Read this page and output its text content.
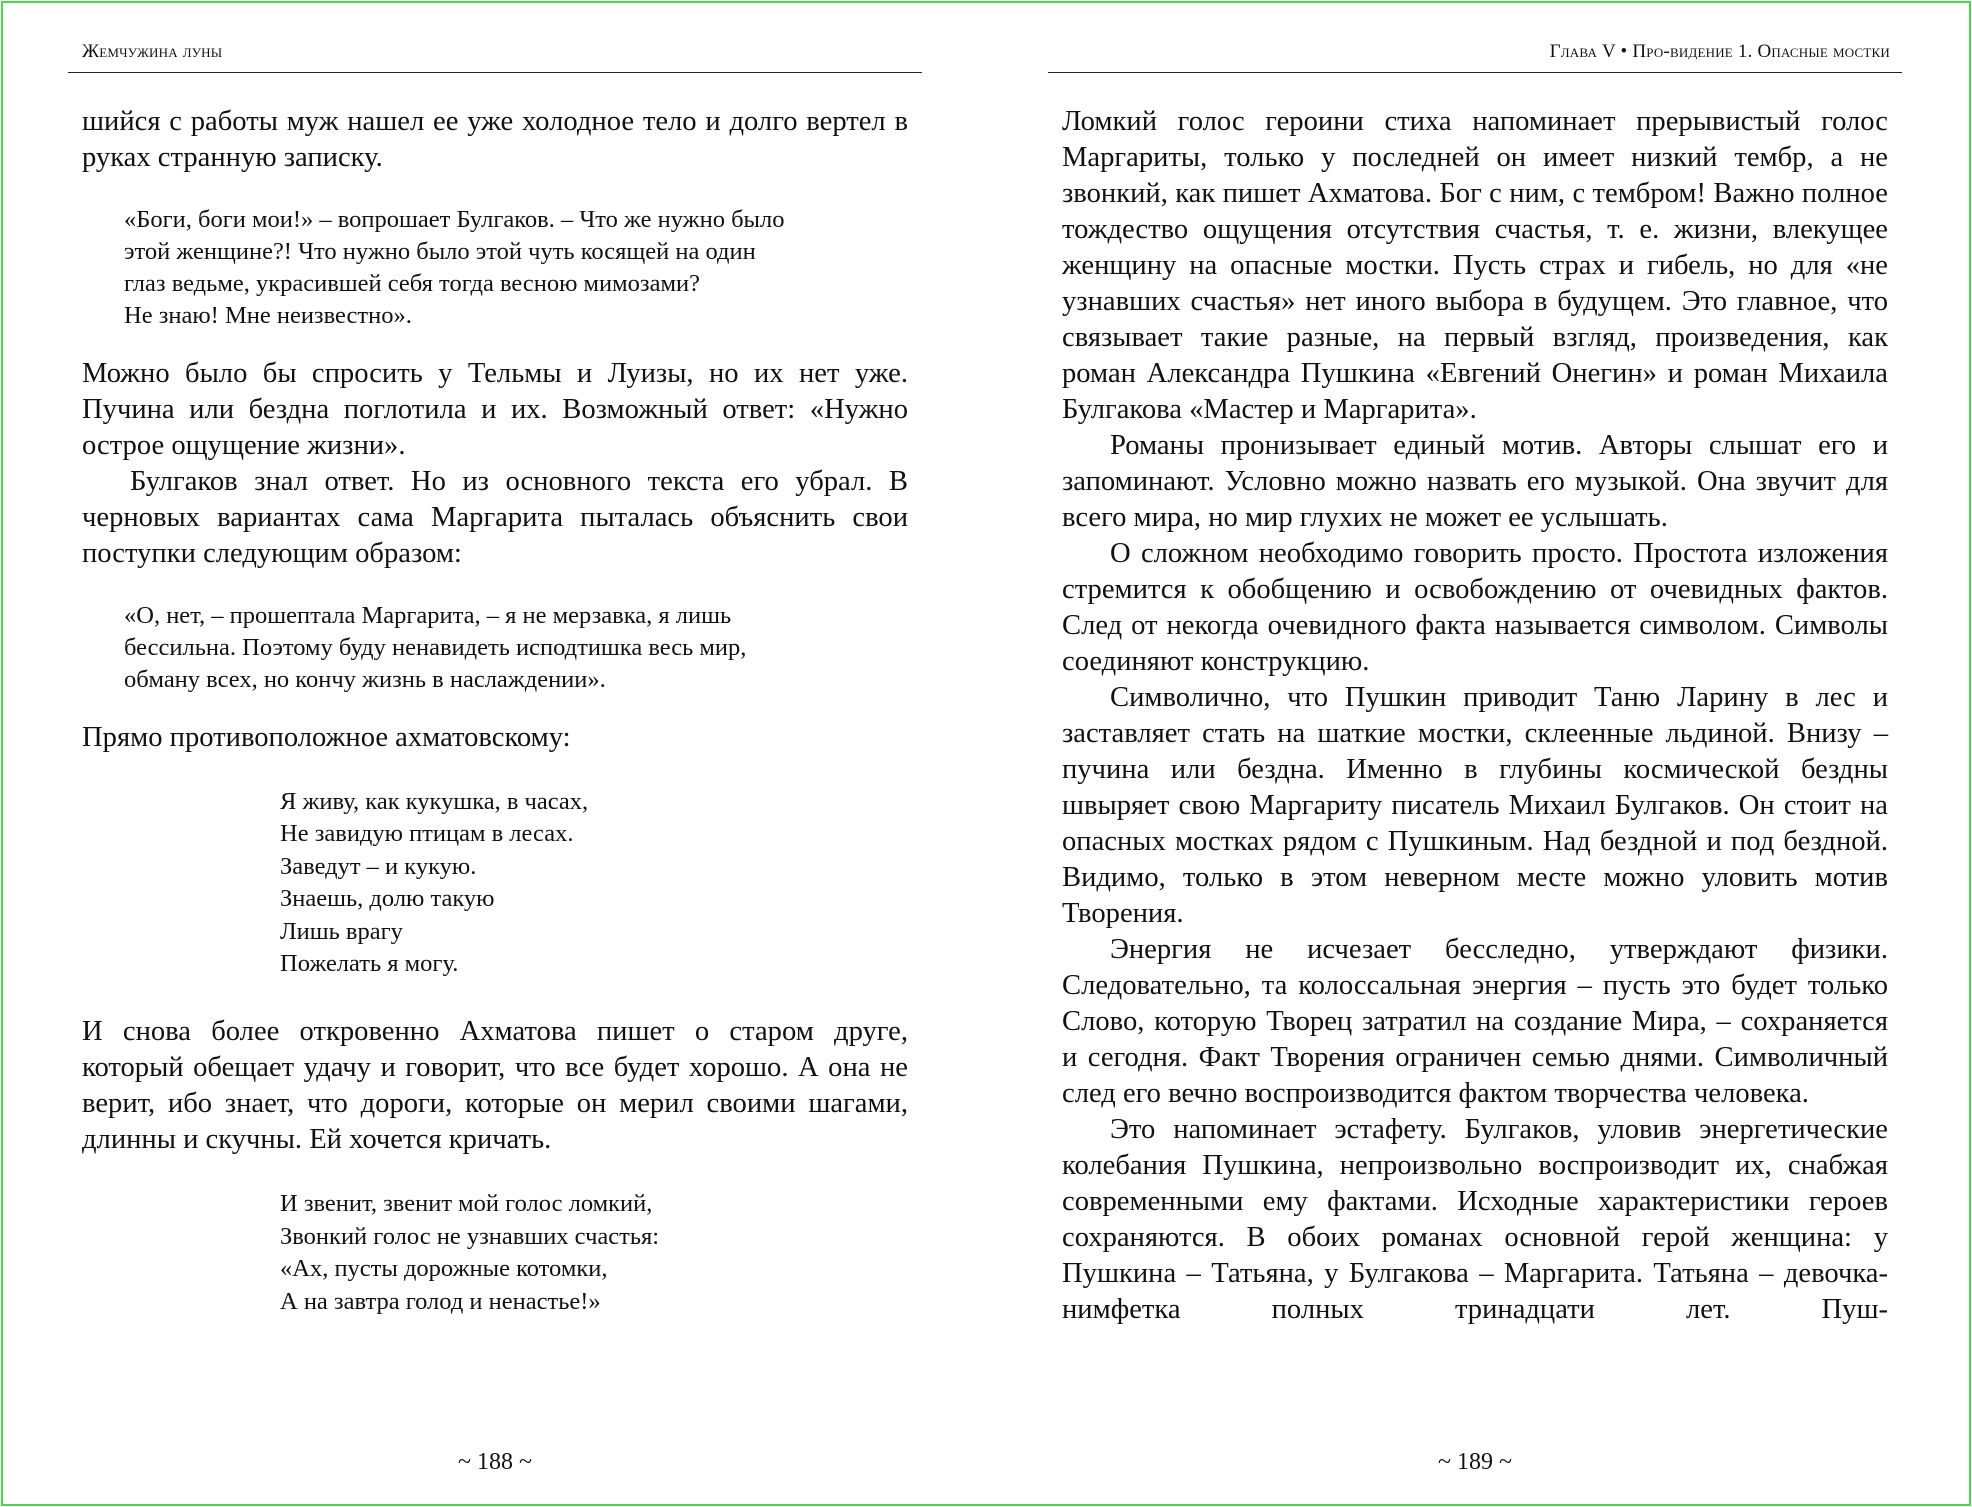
Жемчужина луны

шийся с работы муж нашел ее уже холодное тело и долго вертел в руках странную записку.

«Боги, боги мои!» – вопрошает Булгаков. – Что же нужно было

этой женщине?! Что нужно было этой чуть косящей на один

глаз ведьме, украсившей себя тогда весною мимозами?

Не знаю! Мне неизвестно».

Можно было бы спросить у Тельмы и Луизы, но их нет уже. Пучина или бездна поглотила и их. Возможный ответ: «Нужно острое ощущение жизни».

Булгаков знал ответ. Но из основного текста его убрал. В черновых вариантах сама Маргарита пыталась объяснить свои поступки следующим образом:

«О, нет, – прошептала Маргарита, – я не мерзавка, я лишь

бессильна. Поэтому буду ненавидеть исподтишка весь мир,

обману всех, но кончу жизнь в наслаждении».

Прямо противоположное ахматовскому:

Я живу, как кукушка, в часах,
Не завидую птицам в лесах.
Заведут – и кукую.
Знаешь, долю такую
Лишь врагу
Пожелать я могу.

И снова более откровенно Ахматова пишет о старом друге, который обещает удачу и говорит, что все будет хорошо. А она не верит, ибо знает, что дороги, которые он мерил своими шагами, длинны и скучны. Ей хочется кричать.

И звенит, звенит мой голос ломкий,
Звонкий голос не узнавших счастья:
«Ах, пусты дорожные котомки,
А на завтра голод и ненастье!»
~ 188 ~
Глава V • Про-видение 1. Опасные мостки

Ломкий голос героини стиха напоминает прерывистый голос Маргариты, только у последней он имеет низкий тембр, а не звонкий, как пишет Ахматова. Бог с ним, с тембром! Важно полное тождество ощущения отсутствия счастья, т. е. жизни, влекущее женщину на опасные мостки. Пусть страх и гибель, но для «не узнавших счастья» нет иного выбора в будущем. Это главное, что связывает такие разные, на первый взгляд, произведения, как роман Александра Пушкина «Евгений Онегин» и роман Михаила Булгакова «Мастер и Маргарита».

Романы пронизывает единый мотив. Авторы слышат его и запоминают. Условно можно назвать его музыкой. Она звучит для всего мира, но мир глухих не может ее услышать.

О сложном необходимо говорить просто. Простота изложения стремится к обобщению и освобождению от очевидных фактов. След от некогда очевидного факта называется символом. Символы соединяют конструкцию.

Символично, что Пушкин приводит Таню Ларину в лес и заставляет стать на шаткие мостки, склеенные льдиной. Внизу – пучина или бездна. Именно в глубины космической бездны швыряет свою Маргариту писатель Михаил Булгаков. Он стоит на опасных мостках рядом с Пушкиным. Над бездной и под бездной. Видимо, только в этом неверном месте можно уловить мотив Творения.

Энергия не исчезает бесследно, утверждают физики. Следовательно, та колоссальная энергия – пусть это будет только Слово, которую Творец затратил на создание Мира, – сохраняется и сегодня. Факт Творения ограничен семью днями. Символичный след его вечно воспроизводится фактом творчества человека.

Это напоминает эстафету. Булгаков, уловив энергетические колебания Пушкина, непроизвольно воспроизводит их, снабжая современными ему фактами. Исходные характеристики героев сохраняются. В обоих романах основной герой женщина: у Пушкина – Татьяна, у Булгакова – Маргарита. Татьяна – девочка-нимфетка полных тринадцати лет. Пуш-

~ 189 ~
